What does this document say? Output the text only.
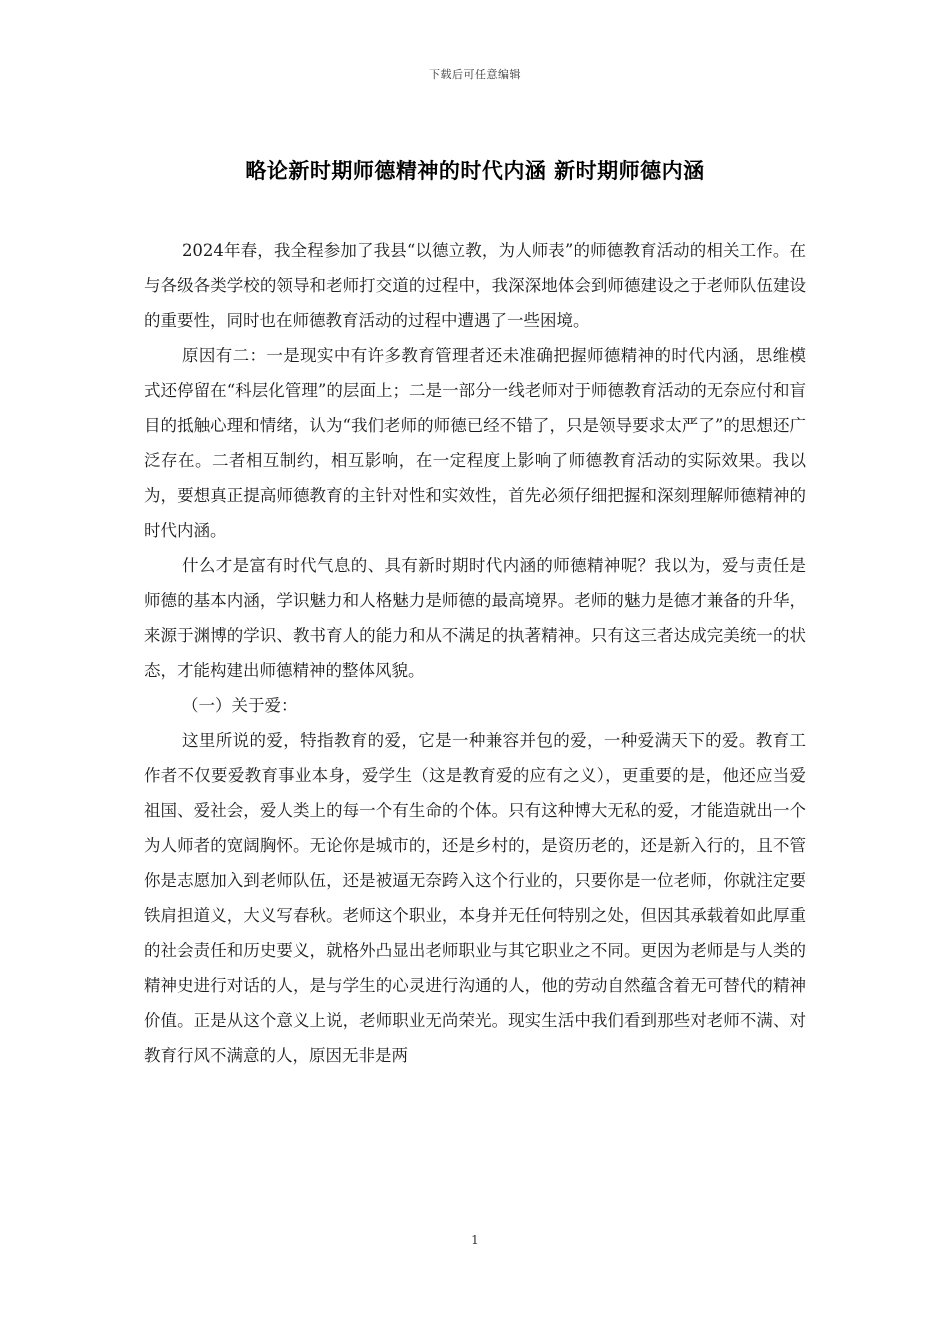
下载后可任意编辑
略论新时期师德精神的时代内涵 新时期师德内涵

2024年春，我全程参加了我县“以德立教，为人师表”的师德教育活动的相关工作。在与各级各类学校的领导和老师打交道的过程中，我深深地体会到师德建设之于老师队伍建设的重要性，同时也在师德教育活动的过程中遭遇了一些困境。

原因有二：一是现实中有许多教育管理者还未准确把握师德精神的时代内涵，思维模式还停留在“科层化管理”的层面上；二是一部分一线老师对于师德教育活动的无奈应付和盲目的抵触心理和情绪，认为“我们老师的师德已经不错了，只是领导要求太严了”的思想还广泛存在。二者相互制约，相互影响，在一定程度上影响了师德教育活动的实际效果。我以为，要想真正提高师德教育的主针对性和实效性，首先必须仔细把握和深刻理解师德精神的时代内涵。

什么才是富有时代气息的、具有新时期时代内涵的师德精神呢？我以为，爱与责任是师德的基本内涵，学识魅力和人格魅力是师德的最高境界。老师的魅力是德才兼备的升华，来源于渊博的学识、教书育人的能力和从不满足的执著精神。只有这三者达成完美统一的状态，才能构建出师德精神的整体风貌。

（一）关于爱：

这里所说的爱，特指教育的爱，它是一种兼容并包的爱，一种爱满天下的爱。教育工作者不仅要爱教育事业本身，爱学生（这是教育爱的应有之义），更重要的是，他还应当爱祖国、爱社会，爱人类上的每一个有生命的个体。只有这种博大无私的爱，才能造就出一个为人师者的宽阔胸怀。无论你是城市的，还是乡村的，是资历老的，还是新入行的，且不管你是志愿加入到老师队伍，还是被逼无奈跨入这个行业的，只要你是一位老师，你就注定要铁肩担道义，大义写春秋。老师这个职业，本身并无任何特别之处，但因其承载着如此厚重的社会责任和历史要义，就格外凸显出老师职业与其它职业之不同。更因为老师是与人类的精神史进行对话的人，是与学生的心灵进行沟通的人，他的劳动自然蕴含着无可替代的精神价值。正是从这个意义上说，老师职业无尚荣光。现实生活中我们看到那些对老师不满、对教育行风不满意的人，原因无非是两

1
